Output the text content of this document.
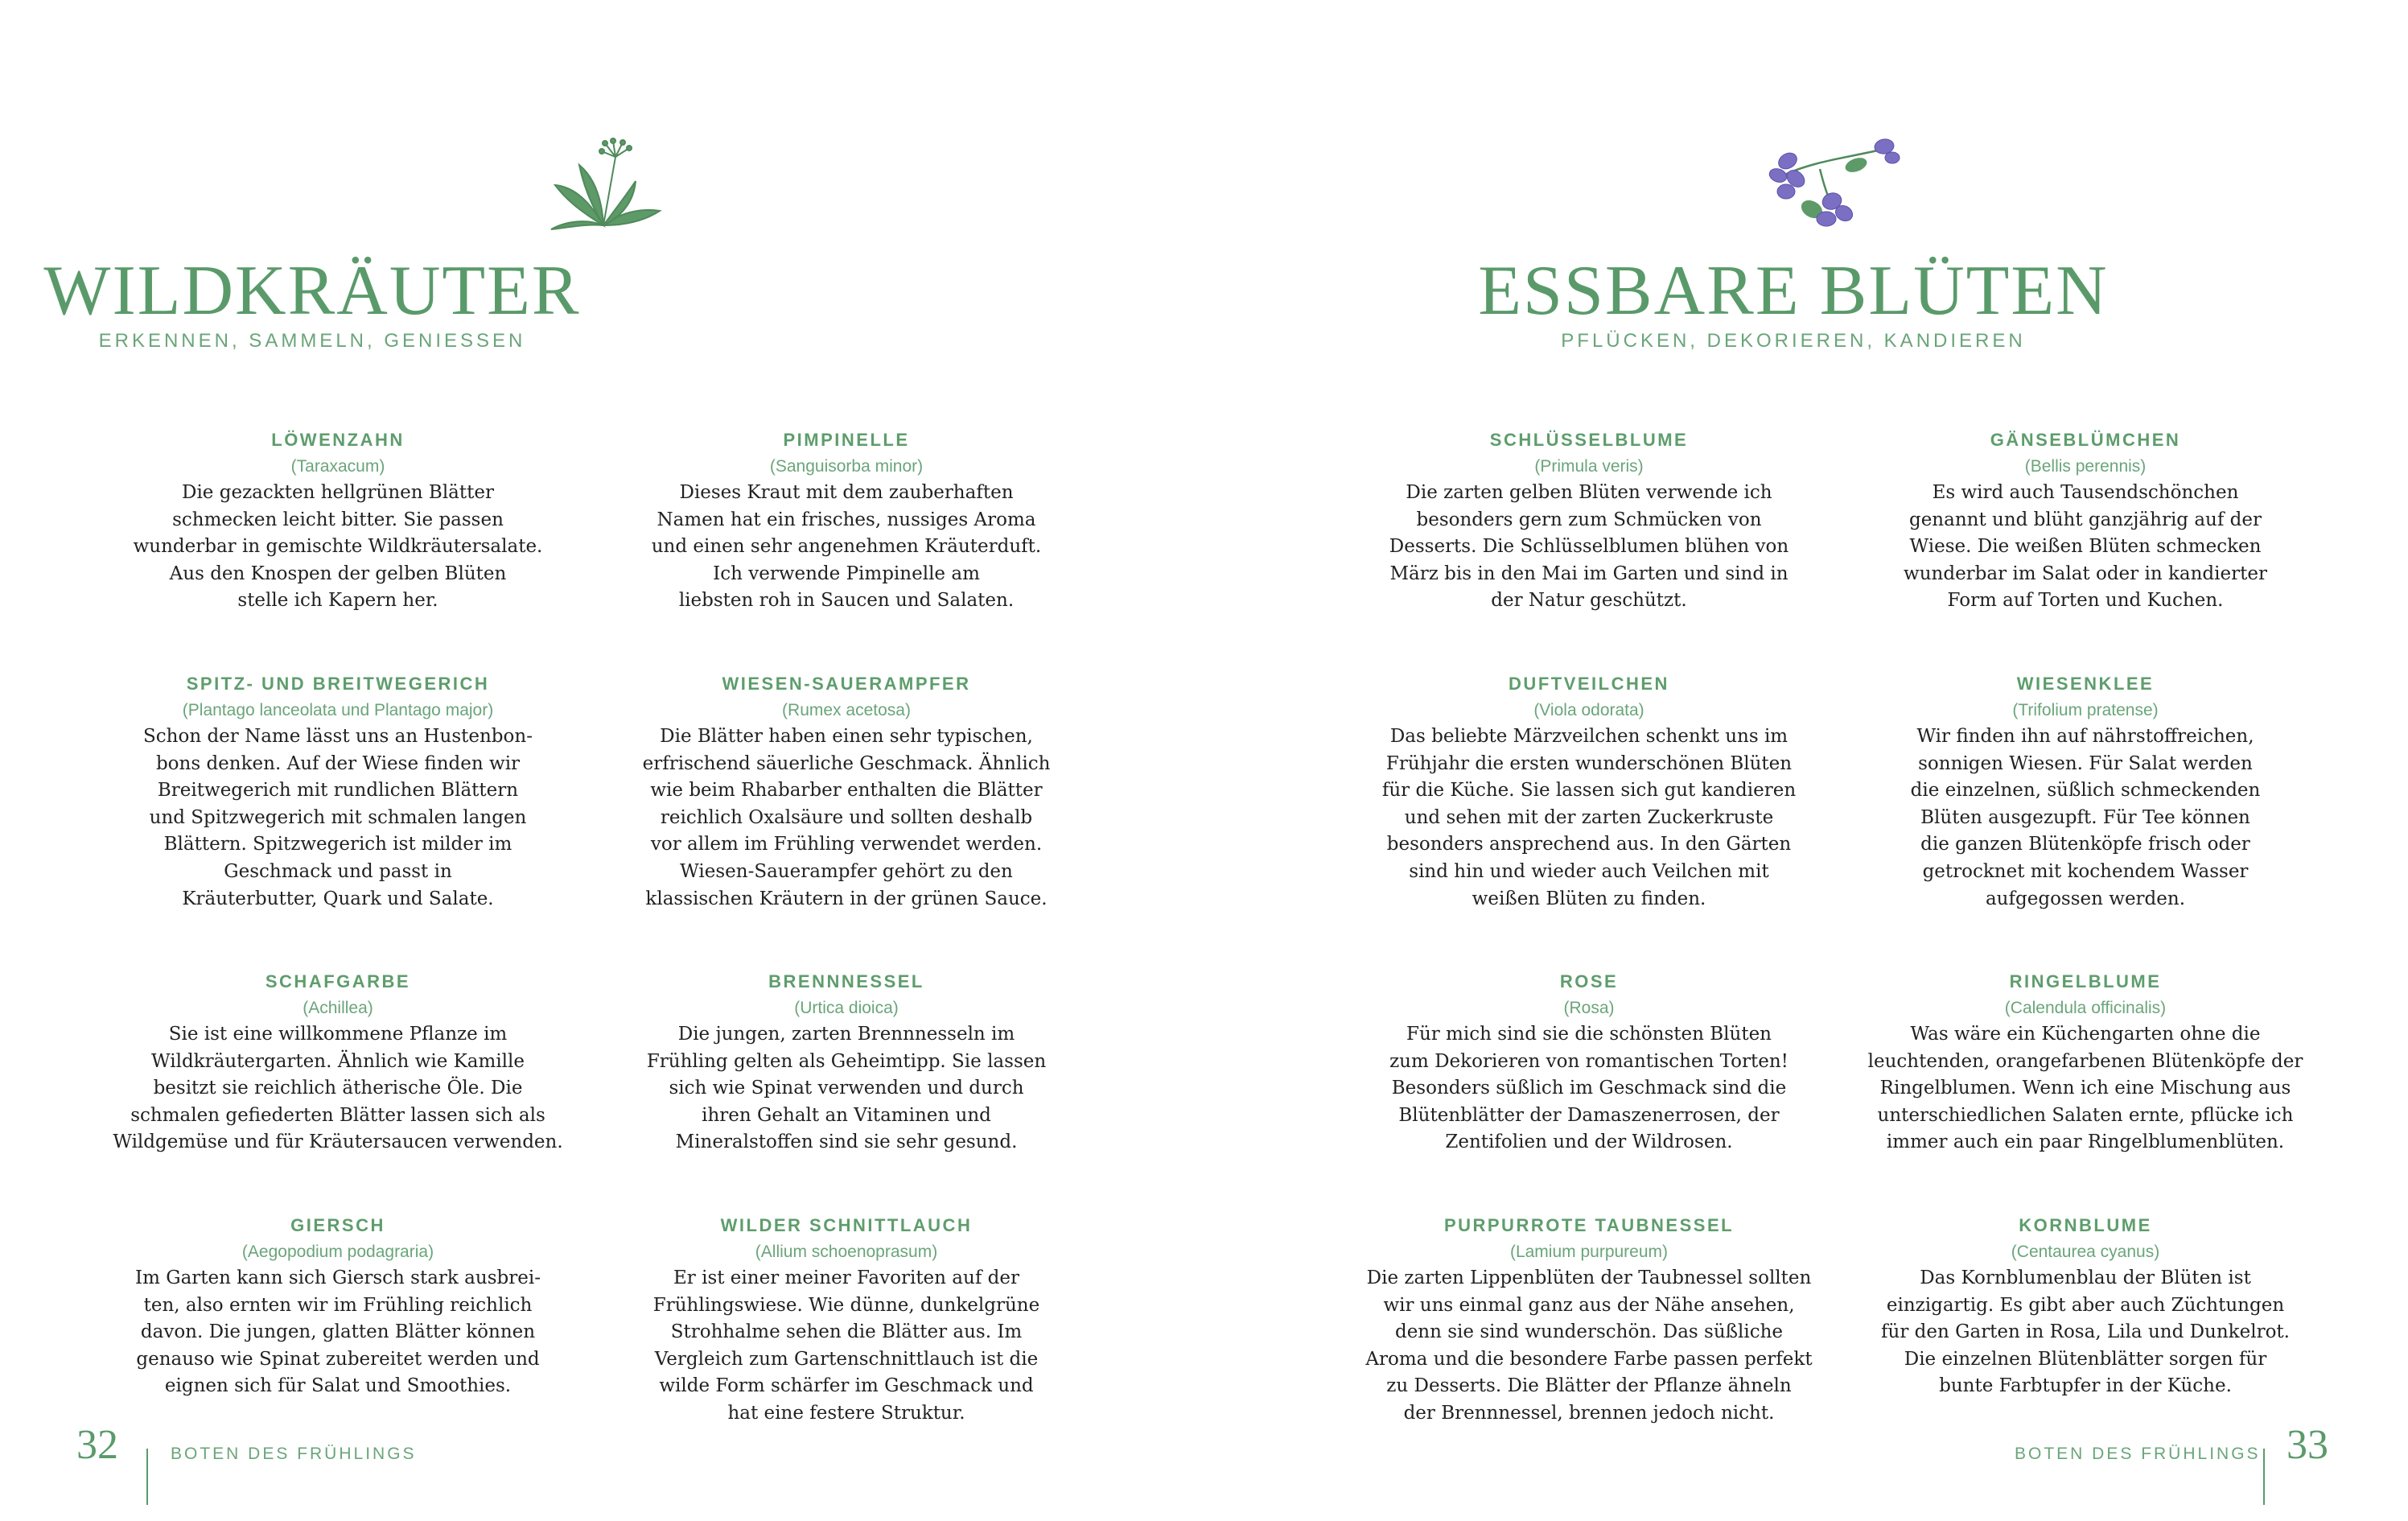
WILDKRÄUTER
ERKENNEN, SAMMELN, GENIESSEN
LÖWENZAHN
(Taraxacum)
Die gezackten hellgrünen Blätter
schmecken leicht bitter. Sie passen
wunderbar in gemischte Wildkräutersalate.
Aus den Knospen der gelben Blüten
stelle ich Kapern her.
PIMPINELLE
(Sanguisorba minor)
Dieses Kraut mit dem zauberhaften
Namen hat ein frisches, nussiges Aroma
und einen sehr angenehmen Kräuterduft.
Ich verwende Pimpinelle am
liebsten roh in Saucen und Salaten.
SPITZ- UND BREITWEGERICH
(Plantago lanceolata und Plantago major)
Schon der Name lässt uns an Hustenbon-
bons denken. Auf der Wiese finden wir
Breitwegerich mit rundlichen Blättern
und Spitzwegerich mit schmalen langen
Blättern. Spitzwegerich ist milder im
Geschmack und passt in
Kräuterbutter, Quark und Salate.
WIESEN-SAUERAMPFER
(Rumex acetosa)
Die Blätter haben einen sehr typischen,
erfrischend säuerliche Geschmack. Ähnlich
wie beim Rhabarber enthalten die Blätter
reichlich Oxalsäure und sollten deshalb
vor allem im Frühling verwendet werden.
Wiesen-Sauerampfer gehört zu den
klassischen Kräutern in der grünen Sauce.
SCHAFGARBE
(Achillea)
Sie ist eine willkommene Pflanze im
Wildkräutergarten. Ähnlich wie Kamille
besitzt sie reichlich ätherische Öle. Die
schmalen gefiederten Blätter lassen sich als
Wildgemüse und für Kräutersaucen verwenden.
BRENNNESSEL
(Urtica dioica)
Die jungen, zarten Brennnesseln im
Frühling gelten als Geheimtipp. Sie lassen
sich wie Spinat verwenden und durch
ihren Gehalt an Vitaminen und
Mineralstoffen sind sie sehr gesund.
GIERSCH
(Aegopodium podagraria)
Im Garten kann sich Giersch stark ausbrei-
ten, also ernten wir im Frühling reichlich
davon. Die jungen, glatten Blätter können
genauso wie Spinat zubereitet werden und
eignen sich für Salat und Smoothies.
WILDER SCHNITTLAUCH
(Allium schoenoprasum)
Er ist einer meiner Favoriten auf der
Frühlingswiese. Wie dünne, dunkelgrüne
Strohhalme sehen die Blätter aus. Im
Vergleich zum Gartenschnittlauch ist die
wilde Form schärfer im Geschmack und
hat eine festere Struktur.
32	BOTEN DES FRÜHLINGS
ESSBARE BLÜTEN
PFLÜCKEN, DEKORIEREN, KANDIEREN
SCHLÜSSELBLUME
(Primula veris)
Die zarten gelben Blüten verwende ich
besonders gern zum Schmücken von
Desserts. Die Schlüsselblumen blühen von
März bis in den Mai im Garten und sind in
der Natur geschützt.
GÄNSEBLÜMCHEN
(Bellis perennis)
Es wird auch Tausendschönchen
genannt und blüht ganzjährig auf der
Wiese. Die weißen Blüten schmecken
wunderbar im Salat oder in kandierter
Form auf Torten und Kuchen.
DUFTVEILCHEN
(Viola odorata)
Das beliebte Märzveilchen schenkt uns im
Frühjahr die ersten wunderschönen Blüten
für die Küche. Sie lassen sich gut kandieren
und sehen mit der zarten Zuckerkruste
besonders ansprechend aus. In den Gärten
sind hin und wieder auch Veilchen mit
weißen Blüten zu finden.
WIESENKLEE
(Trifolium pratense)
Wir finden ihn auf nährstoffreichen,
sonnigen Wiesen. Für Salat werden
die einzelnen, süßlich schmeckenden
Blüten ausgezupft. Für Tee können
die ganzen Blütenköpfe frisch oder
getrocknet mit kochendem Wasser
aufgegossen werden.
ROSE
(Rosa)
Für mich sind sie die schönsten Blüten
zum Dekorieren von romantischen Torten!
Besonders süßlich im Geschmack sind die
Blütenblätter der Damaszenerrosen, der
Zentifolien und der Wildrosen.
RINGELBLUME
(Calendula officinalis)
Was wäre ein Küchengarten ohne die
leuchtenden, orangefarbenen Blütenköpfe der
Ringelblumen. Wenn ich eine Mischung aus
unterschiedlichen Salaten ernte, pflücke ich
immer auch ein paar Ringelblumenblüten.
PURPURROTE TAUBNESSEL
(Lamium purpureum)
Die zarten Lippenblüten der Taubnessel sollten
wir uns einmal ganz aus der Nähe ansehen,
denn sie sind wunderschön. Das süßliche
Aroma und die besondere Farbe passen perfekt
zu Desserts. Die Blätter der Pflanze ähneln
der Brennnessel, brennen jedoch nicht.
KORNBLUME
(Centaurea cyanus)
Das Kornblumenblau der Blüten ist
einzigartig. Es gibt aber auch Züchtungen
für den Garten in Rosa, Lila und Dunkelrot.
Die einzelnen Blütenblätter sorgen für
bunte Farbtupfer in der Küche.
BOTEN DES FRÜHLINGS 33
